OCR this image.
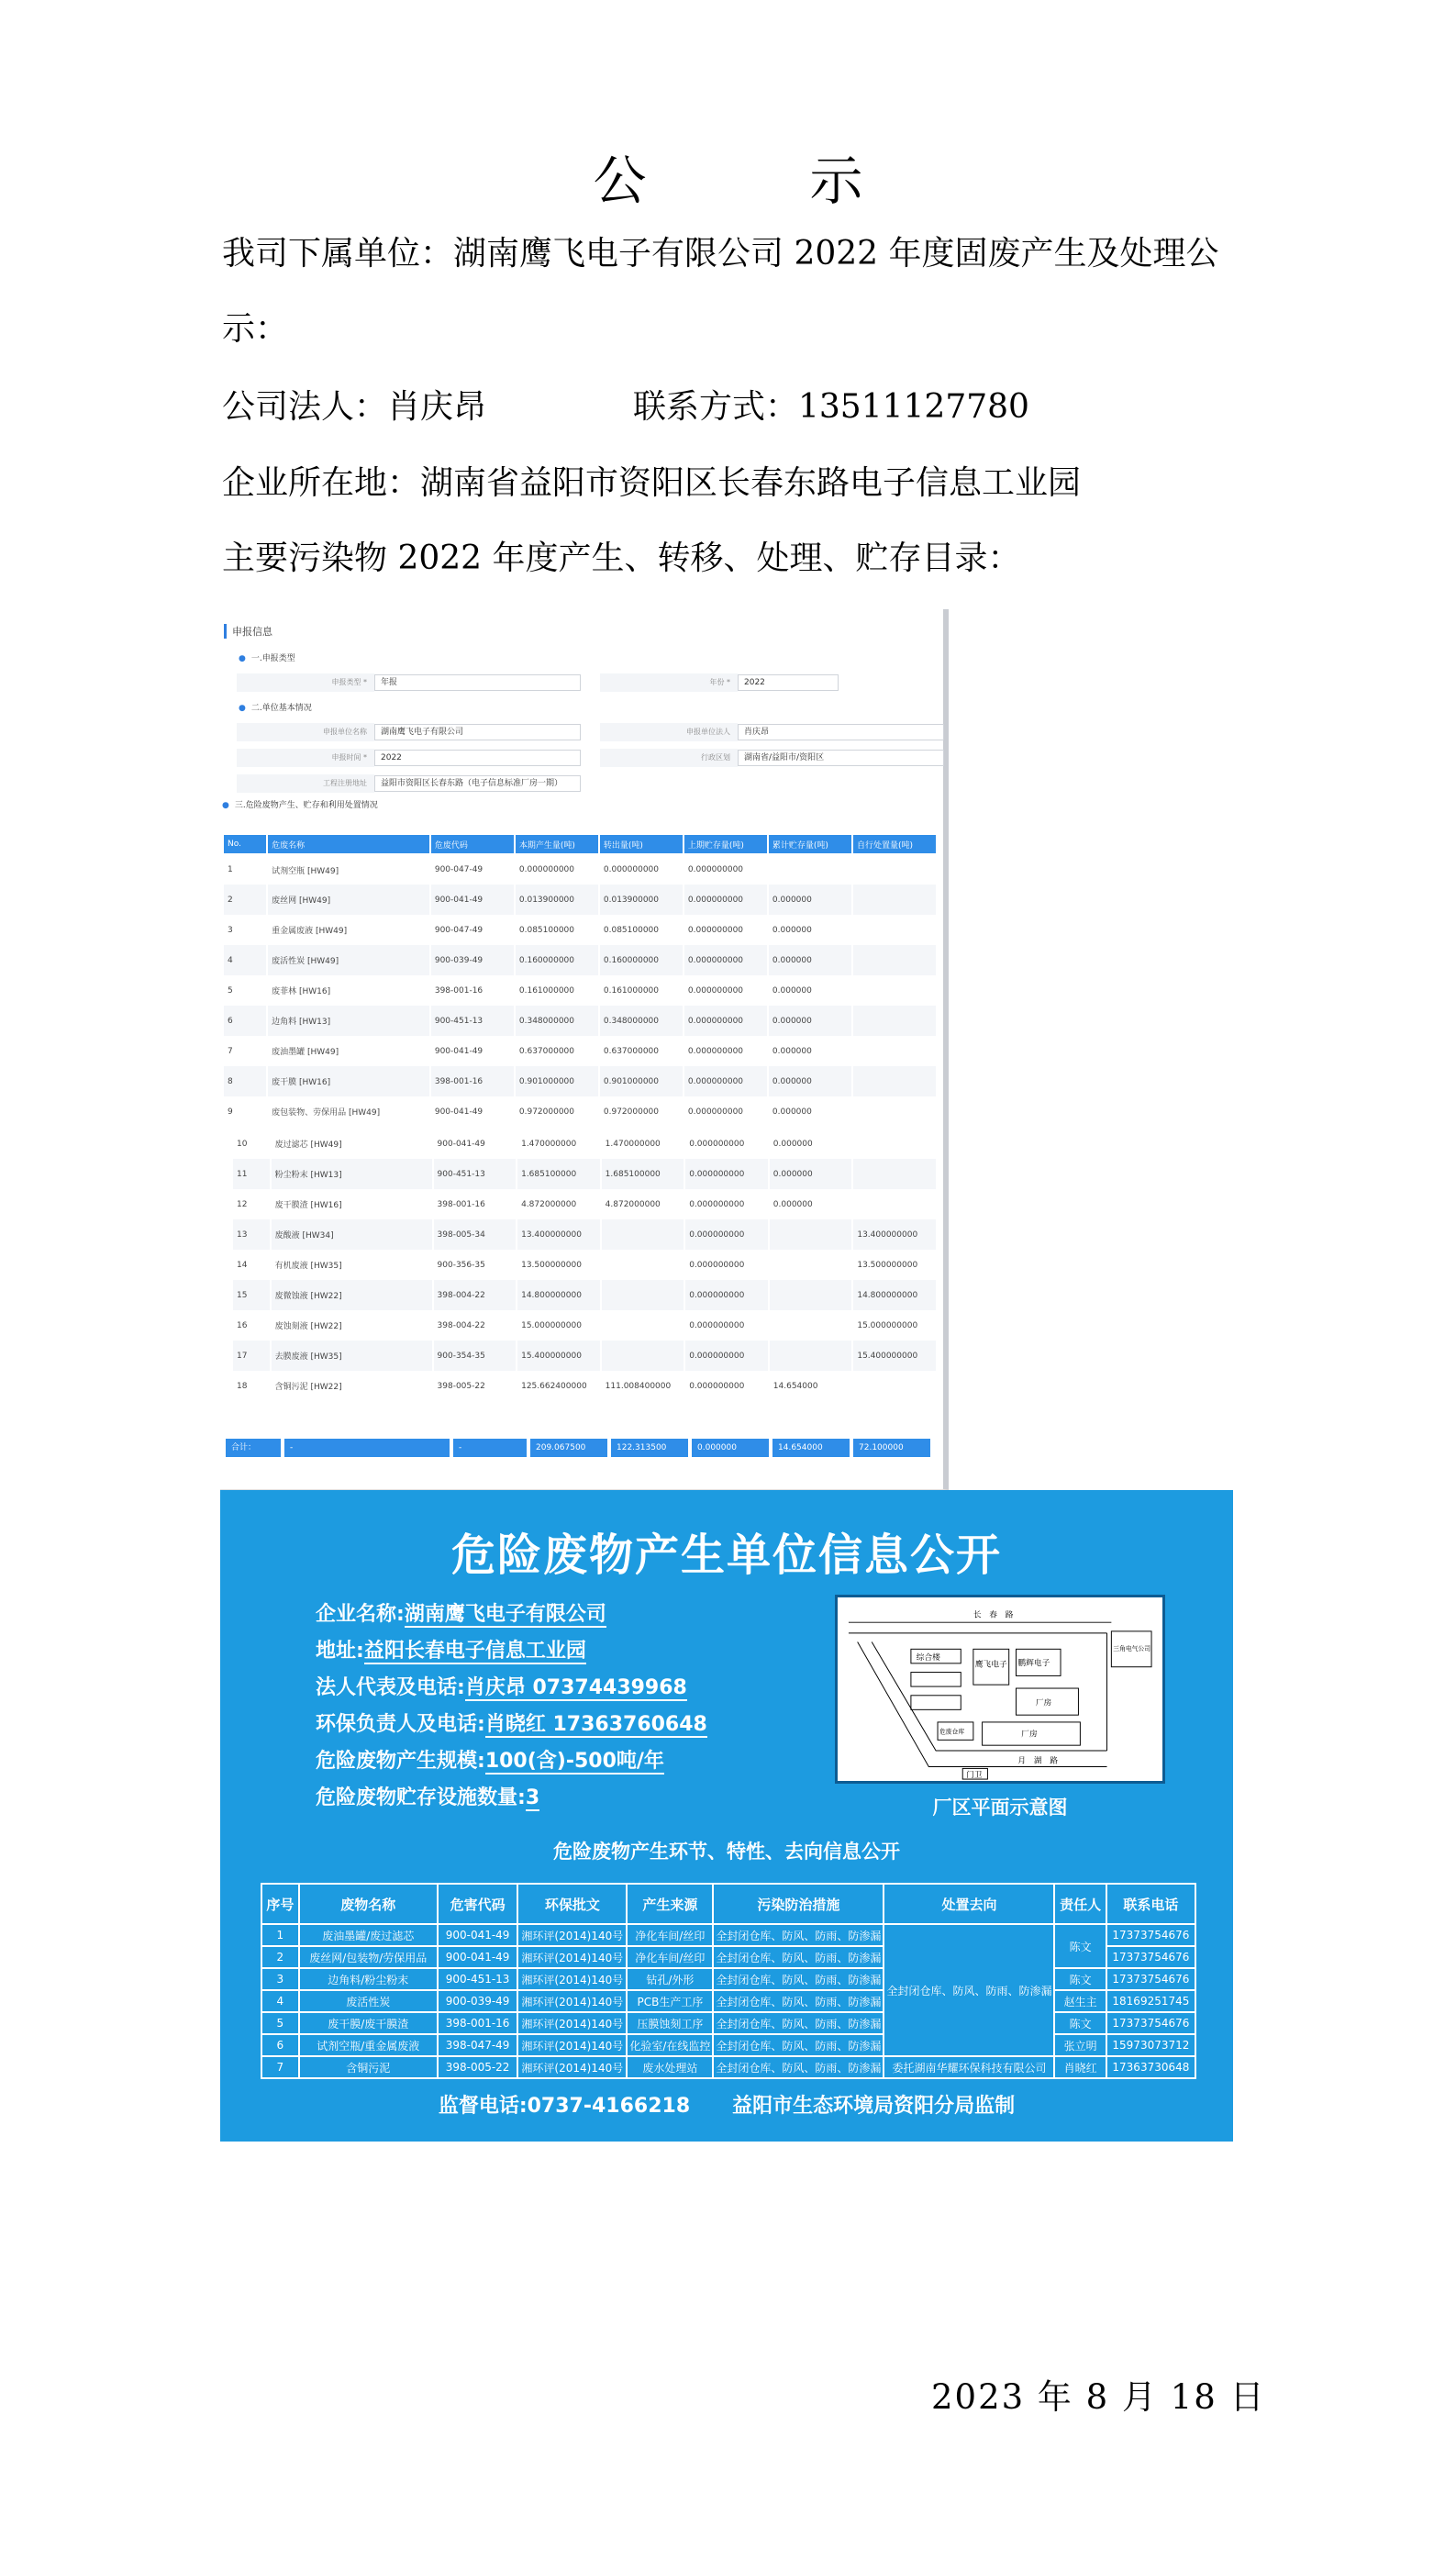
公　示
我司下属单位：湖南鹰飞电子有限公司 2022 年度固废产生及处理公
示：
公司法人：肖庆昂	联系方式：13511127780
企业所在地：湖南省益阳市资阳区长春东路电子信息工业园
主要污染物 2022 年度产生、转移、处理、贮存目录：
申报信息
● 一.申报类型
申报类型 *	年报	年份 *	2022
● 二.单位基本情况
申报单位名称	湖南鹰飞电子有限公司	申报单位法人	肖庆昂
申报时间 *	2022	行政区划	湖南省/益阳市/资阳区
工程注册地址	益阳市资阳区长春东路（电子信息标准厂房一期）
● 三.危险废物产生、贮存和利用处置情况
No.	危废名称	危废代码	本期产生量(吨)	转出量(吨)	上期贮存量(吨)	累计贮存量(吨)	自行处置量(吨)
1	试剂空瓶 [HW49]	900-047-49	0.000000000	0.000000000	0.000000000		
2	废丝网 [HW49]	900-041-49	0.013900000	0.013900000	0.000000000	0.000000	
3	重金属废液 [HW49]	900-047-49	0.085100000	0.085100000	0.000000000	0.000000	
4	废活性炭 [HW49]	900-039-49	0.160000000	0.160000000	0.000000000	0.000000	
5	废菲林 [HW16]	398-001-16	0.161000000	0.161000000	0.000000000	0.000000	
6	边角料 [HW13]	900-451-13	0.348000000	0.348000000	0.000000000	0.000000	
7	废油墨罐 [HW49]	900-041-49	0.637000000	0.637000000	0.000000000	0.000000	
8	废干膜 [HW16]	398-001-16	0.901000000	0.901000000	0.000000000	0.000000	
9	废包装物、劳保用品 [HW49]	900-041-49	0.972000000	0.972000000	0.000000000	0.000000	
10	废过滤芯 [HW49]	900-041-49	1.470000000	1.470000000	0.000000000	0.000000	
11	粉尘粉末 [HW13]	900-451-13	1.685100000	1.685100000	0.000000000	0.000000	
12	废干膜渣 [HW16]	398-001-16	4.872000000	4.872000000	0.000000000	0.000000	
13	废酸液 [HW34]	398-005-34	13.400000000		0.000000000		13.400000000
14	有机废液 [HW35]	900-356-35	13.500000000		0.000000000		13.500000000
15	废微蚀液 [HW22]	398-004-22	14.800000000		0.000000000		14.800000000
16	废蚀刻液 [HW22]	398-004-22	15.000000000		0.000000000		15.000000000
17	去膜废液 [HW35]	900-354-35	15.400000000		0.000000000		15.400000000
18	含铜污泥 [HW22]	398-005-22	125.662400000	111.008400000	0.000000000	14.654000	
合计：	-	-	209.067500	122.313500	0.000000	14.654000	72.100000
危险废物产生单位信息公开
企业名称:湖南鹰飞电子有限公司
地址:益阳长春电子信息工业园
法人代表及电话:肖庆昂 07374439968
环保负责人及电话:肖晓红 17363760648
危险废物产生规模:100(含)-500吨/年
危险废物贮存设施数量:3
长　春　路
月　湖　路
门卫
综合楼
鹰飞电子 鹏辉电子
三角电气公司
厂房
厂房
危废仓库
厂区平面示意图
危险废物产生环节、特性、去向信息公开
序号	废物名称	危害代码	环保批文	产生来源	污染防治措施	处置去向	责任人	联系电话
1	废油墨罐/废过滤芯	900-041-49	湘环评(2014)140号	净化车间/丝印	全封闭仓库、防风、防雨、防渗漏	全封闭仓库、防风、防雨、防渗漏	陈文	17373754676
2	废丝网/包装物/劳保用品	900-041-49	湘环评(2014)140号	净化车间/丝印	全封闭仓库、防风、防雨、防渗漏			17373754676
3	边角料/粉尘粉末	900-451-13	湘环评(2014)140号	钻孔/外形	全封闭仓库、防风、防雨、防渗漏		陈文	17373754676
4	废活性炭	900-039-49	湘环评(2014)140号	PCB生产工序	全封闭仓库、防风、防雨、防渗漏		赵生主	18169251745
5	废干膜/废干膜渣	398-001-16	湘环评(2014)140号	压膜蚀刻工序	全封闭仓库、防风、防雨、防渗漏		陈文	17373754676
6	试剂空瓶/重金属废液	398-047-49	湘环评(2014)140号	化验室/在线监控	全封闭仓库、防风、防雨、防渗漏		张立明	15973073712
7	含铜污泥	398-005-22	湘环评(2014)140号	废水处理站	全封闭仓库、防风、防雨、防渗漏	委托湖南华耀环保科技有限公司	肖晓红	17363730648
监督电话:0737-4166218 益阳市生态环境局资阳分局监制
2023 年 8 月 18 日
